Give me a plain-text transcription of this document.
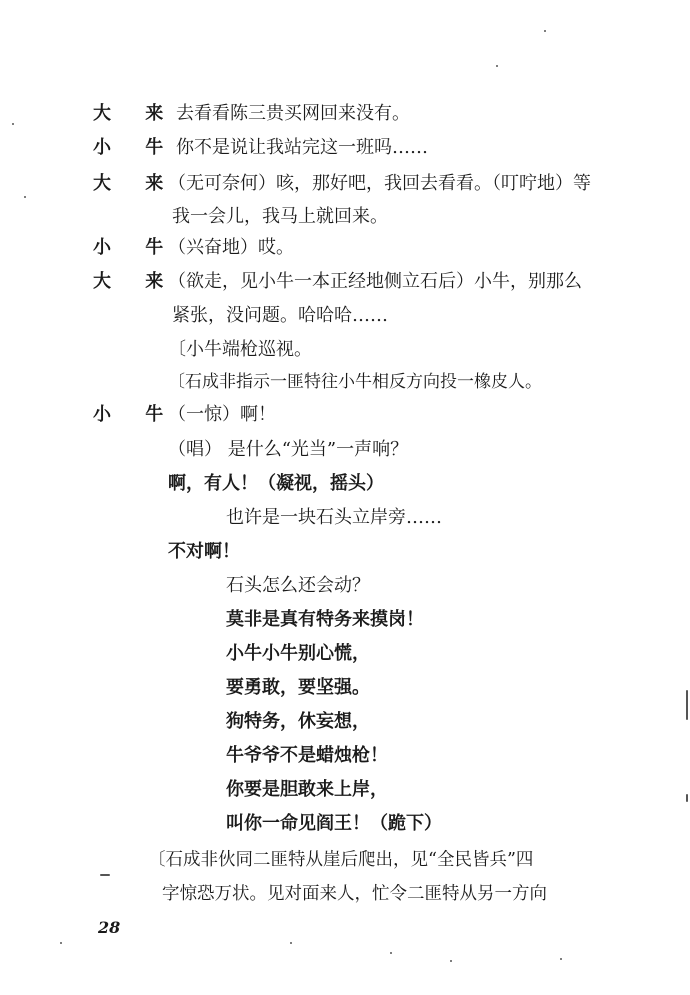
大 来
去看看陈三贵买网回来没有。
小 牛
你不是说让我站完这一班吗……
大 来
（无可奈何）咳，那好吧，我回去看看。（叮咛地）等
我一会儿，我马上就回来。
小 牛
（兴奋地）哎。
大 来
（欲走，见小牛一本正经地侧立石后）小牛，别那么
紧张，没问题。哈哈哈……
〔小牛端枪巡视。
〔石成非指示一匪特往小牛相反方向投一橡皮人。
小 牛
（一惊）啊！
（唱） 是什么“光当”一声响？
啊，有人！（凝视，摇头）
也许是一块石头立岸旁……
不对啊！
石头怎么还会动？
莫非是真有特务来摸岗！
小牛小牛别心慌，
要勇敢，要坚强。
狗特务，休妄想，
牛爷爷不是蜡烛枪！
你要是胆敢来上岸，
叫你一命见阎王！（跪下）
〔石成非伙同二匪特从崖后爬出，见“全民皆兵”四
字惊恐万状。见对面来人，忙令二匪特从另一方向
28
